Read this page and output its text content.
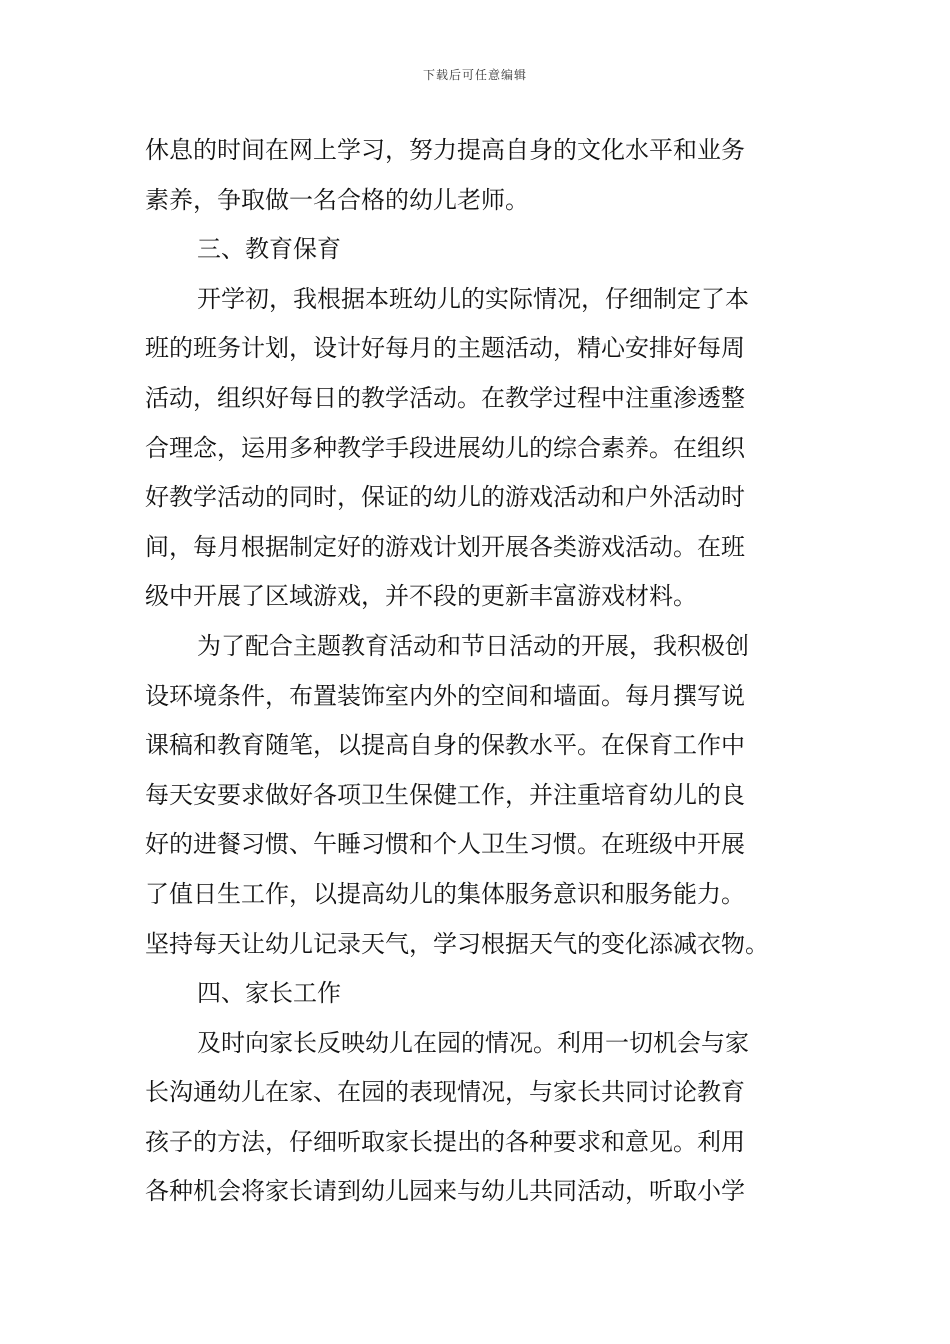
下载后可任意编辑
休息的时间在网上学习，努力提高自身的文化水平和业务
素养，争取做一名合格的幼儿老师。
三、教育保育
开学初，我根据本班幼儿的实际情况，仔细制定了本
班的班务计划，设计好每月的主题活动，精心安排好每周
活动，组织好每日的教学活动。在教学过程中注重渗透整
合理念，运用多种教学手段进展幼儿的综合素养。在组织
好教学活动的同时，保证的幼儿的游戏活动和户外活动时
间，每月根据制定好的游戏计划开展各类游戏活动。在班
级中开展了区域游戏，并不段的更新丰富游戏材料。
为了配合主题教育活动和节日活动的开展，我积极创
设环境条件，布置装饰室内外的空间和墙面。每月撰写说
课稿和教育随笔，以提高自身的保教水平。在保育工作中
每天安要求做好各项卫生保健工作，并注重培育幼儿的良
好的进餐习惯、午睡习惯和个人卫生习惯。在班级中开展
了值日生工作，以提高幼儿的集体服务意识和服务能力。
坚持每天让幼儿记录天气，学习根据天气的变化添减衣物。
四、家长工作
及时向家长反映幼儿在园的情况。利用一切机会与家
长沟通幼儿在家、在园的表现情况，与家长共同讨论教育
孩子的方法，仔细听取家长提出的各种要求和意见。利用
各种机会将家长请到幼儿园来与幼儿共同活动，听取小学
